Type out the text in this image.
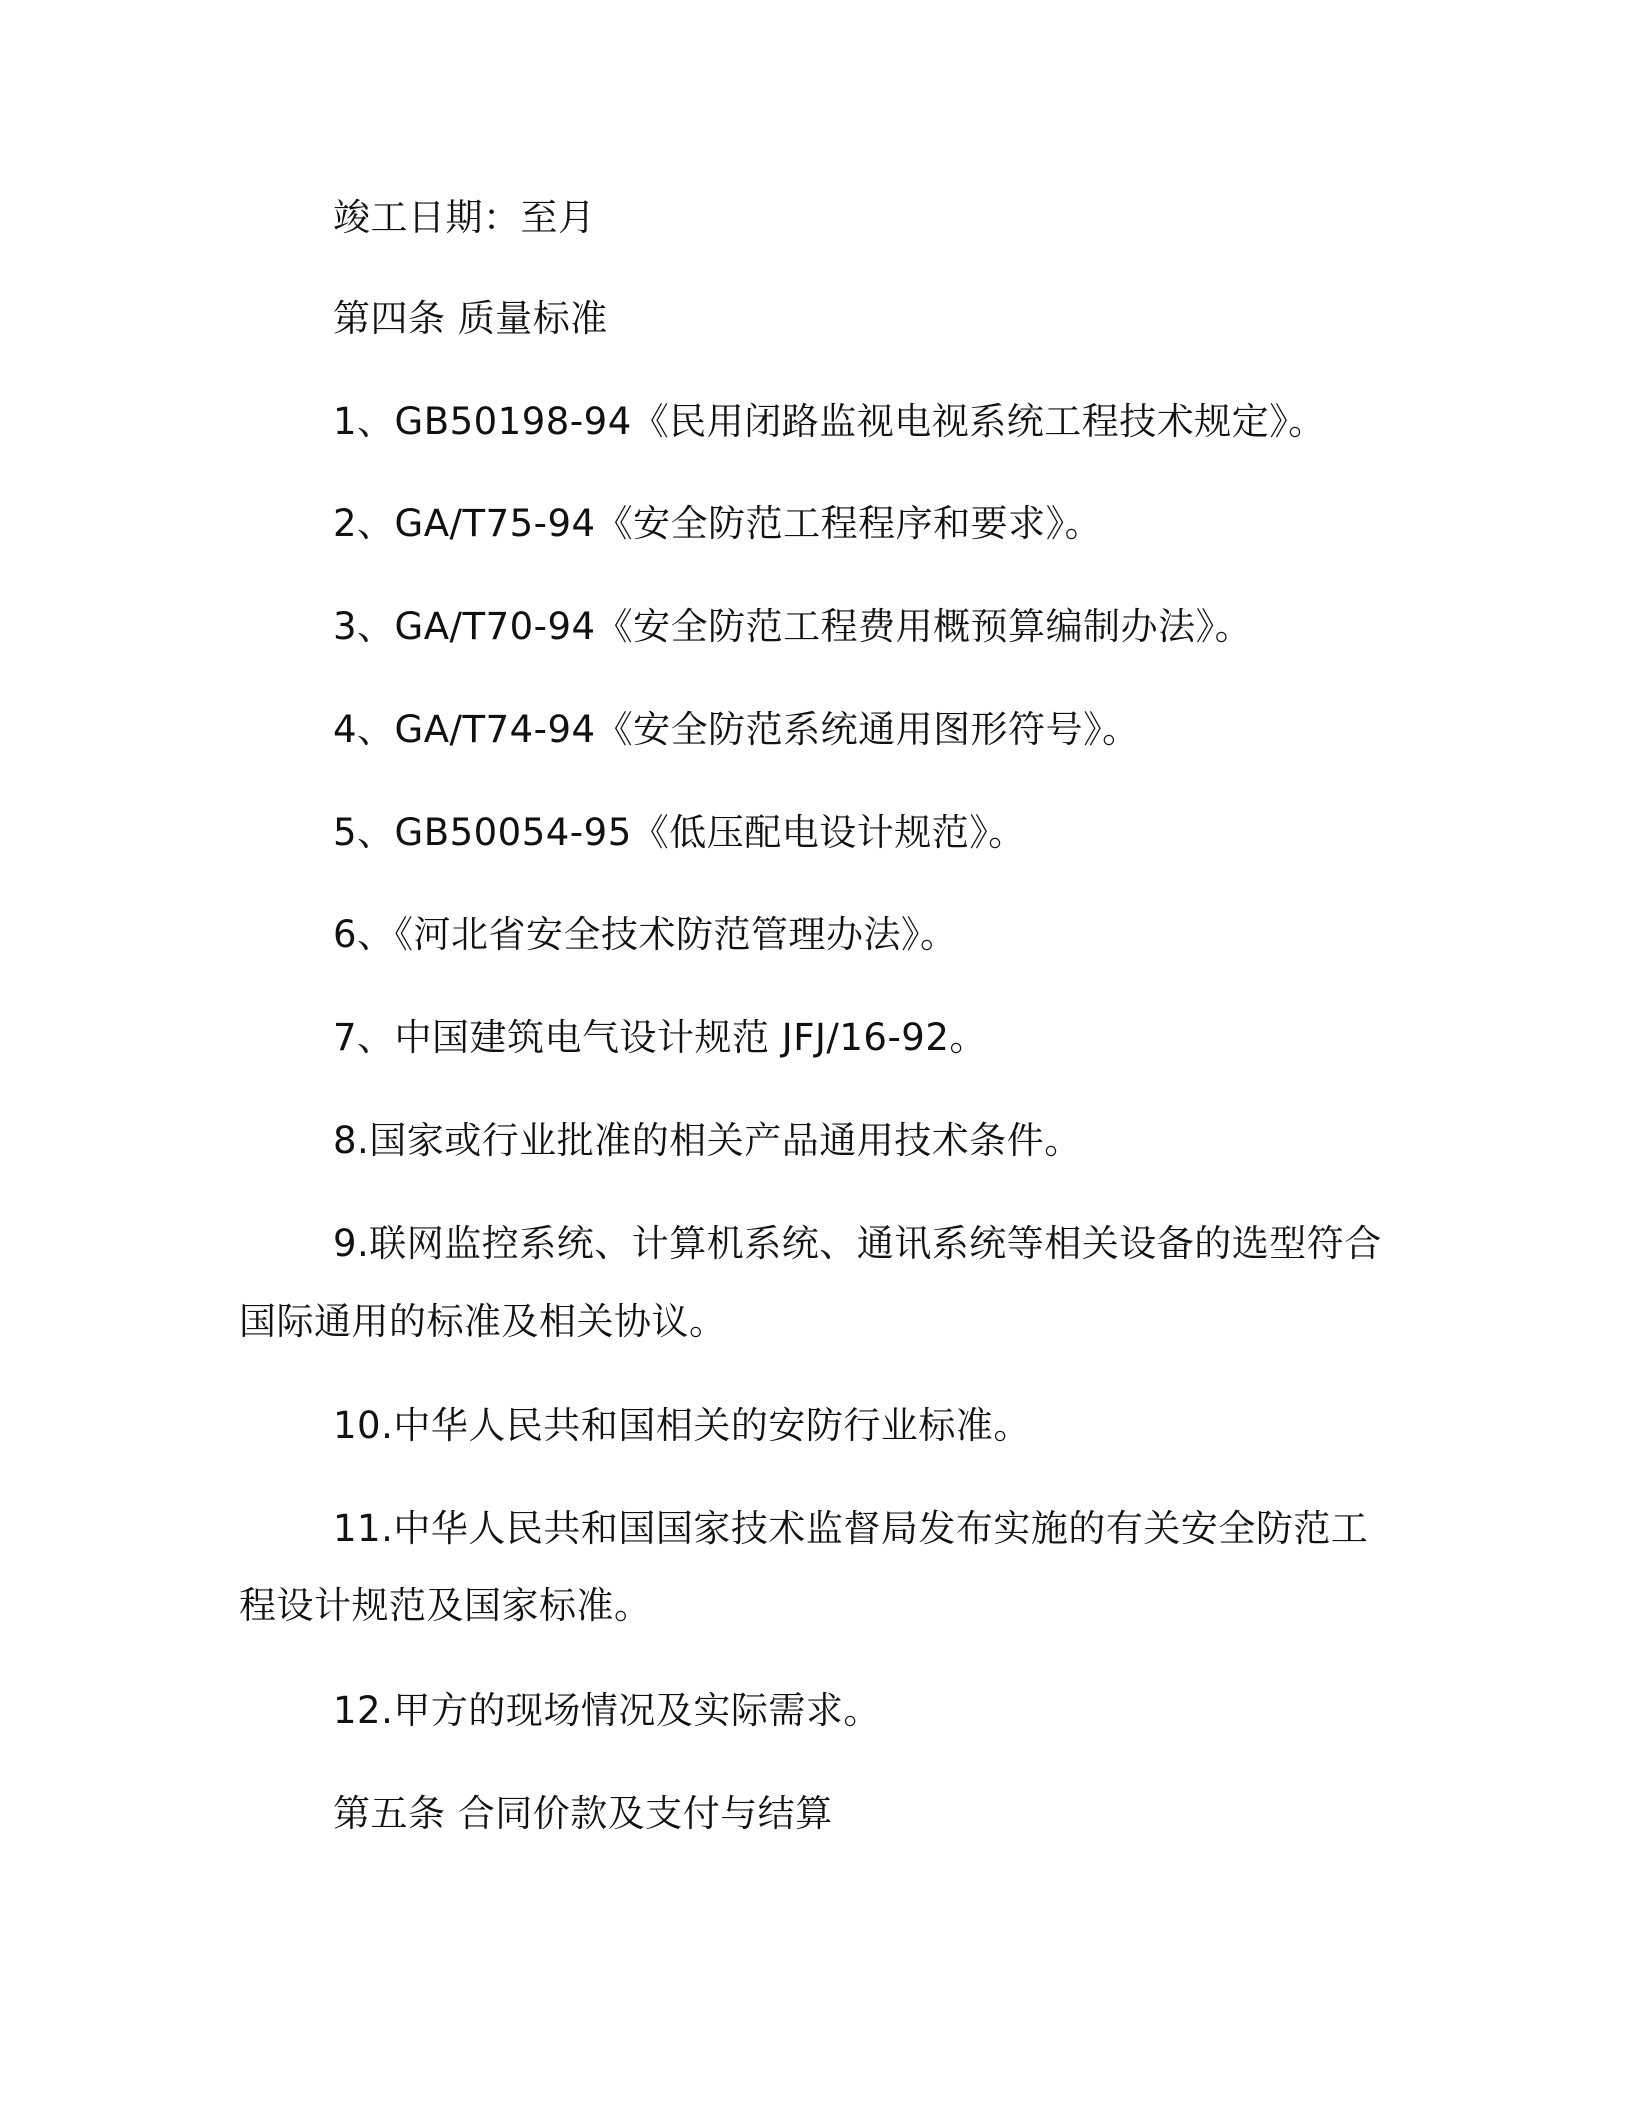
竣工日期：至月

第四条 质量标准

1、GB50198-94《民用闭路监视电视系统工程技术规定》。

2、GA/T75-94《安全防范工程程序和要求》。

3、GA/T70-94《安全防范工程费用概预算编制办法》。

4、GA/T74-94《安全防范系统通用图形符号》。

5、GB50054-95《低压配电设计规范》。

6、《河北省安全技术防范管理办法》。

7、中国建筑电气设计规范 JFJ/16-92。

8.国家或行业批准的相关产品通用技术条件。

9.联网监控系统、计算机系统、通讯系统等相关设备的选型符合

国际通用的标准及相关协议。

10.中华人民共和国相关的安防行业标准。

11.中华人民共和国国家技术监督局发布实施的有关安全防范工

程设计规范及国家标准。

12.甲方的现场情况及实际需求。

第五条 合同价款及支付与结算
